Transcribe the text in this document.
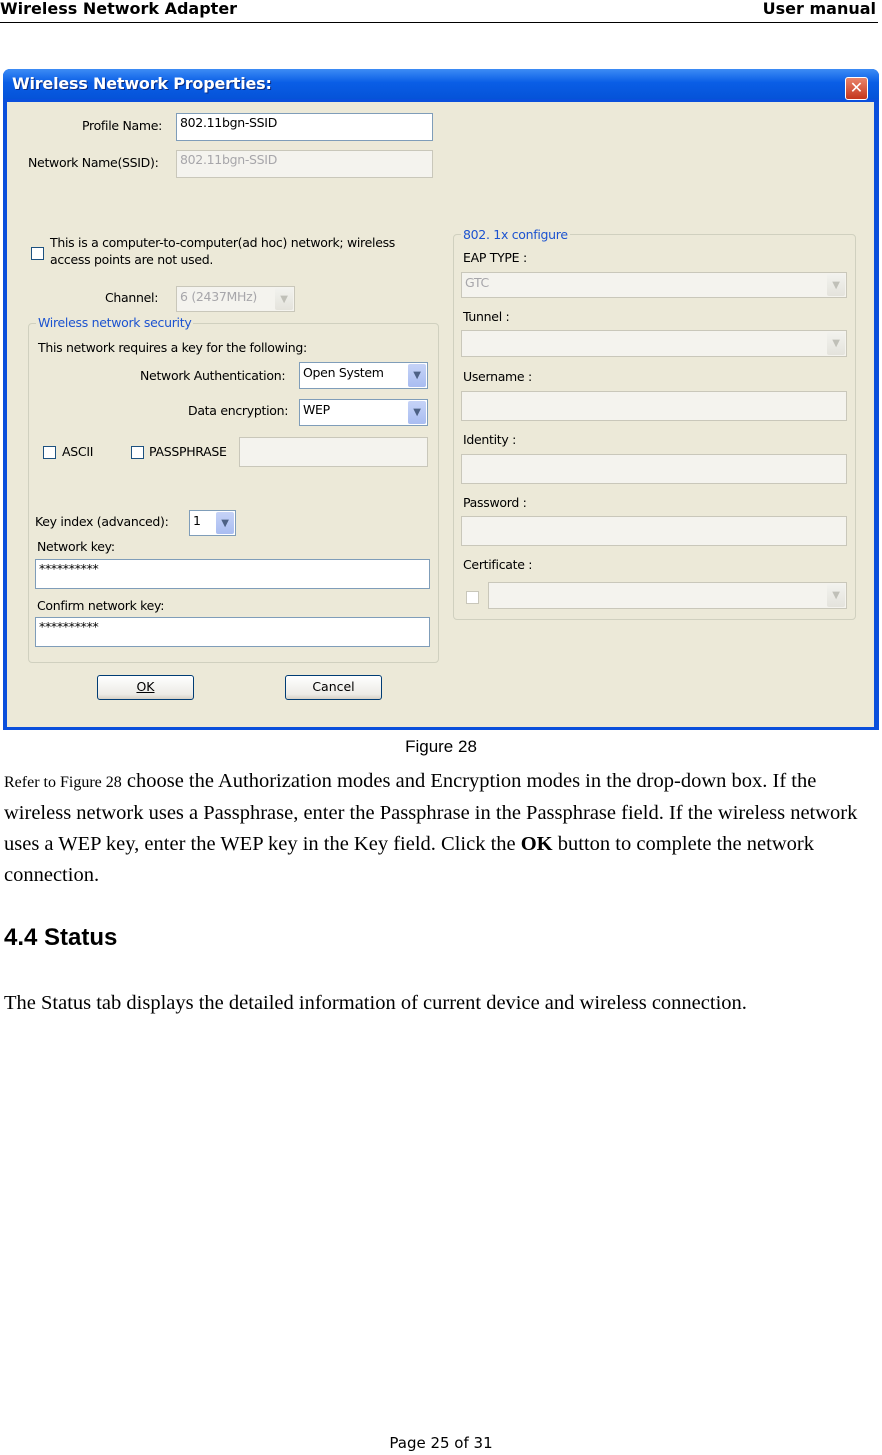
Wireless Network Adapter	User manual
Wireless Network Properties:	✕
Profile Name:	802.11bgn-SSID
Network Name(SSID):	802.11bgn-SSID
This is a computer-to-computer(ad hoc) network; wireless
access points are not used.
Channel:	6 (2437MHz)	▼
Wireless network security
This network requires a key for the following:
Network Authentication:	Open System	▼
Data encryption:	WEP	▼
ASCII	PASSPHRASE
Key index (advanced):	1	▼
Network key:
**********
Confirm network key:
**********
802. 1x configure
EAP TYPE :
GTC	▼
Tunnel :
▼
Username :
Identity :
Password :
Certificate :
▼
OK	Cancel
Figure 28

Refer to Figure 28 choose the Authorization modes and Encryption modes in the drop-down box. If the wireless network uses a Passphrase, enter the Passphrase in the Passphrase field. If the wireless network uses a WEP key, enter the WEP key in the Key field. Click the OK button to complete the network connection.

4.4 Status

The Status tab displays the detailed information of current device and wireless connection.

Page 25 of 31
